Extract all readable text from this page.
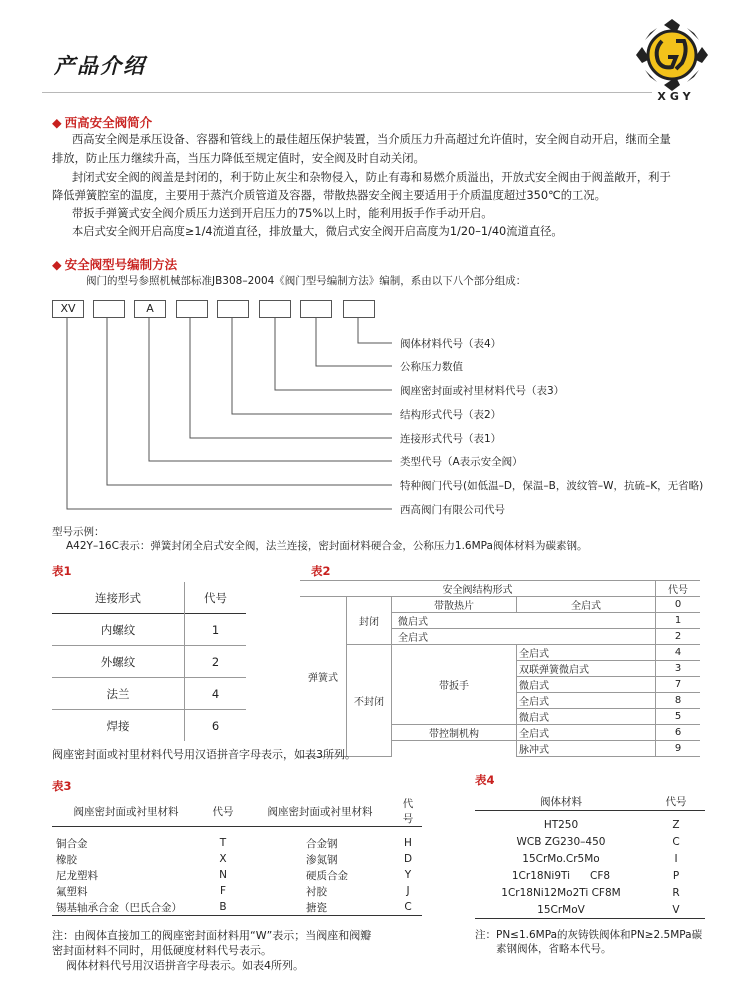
产品介绍
XGY
◆ 西高安全阀简介
西高安全阀是承压设备、容器和管线上的最佳超压保护装置，当介质压力升高超过允许值时，安全阀自动开启，继而全量
排放，防止压力继续升高，当压力降低至规定值时，安全阀及时自动关闭。
封闭式安全阀的阀盖是封闭的，利于防止灰尘和杂物侵入，防止有毒和易燃介质溢出，开放式安全阀由于阀盖敞开，利于
降低弹簧腔室的温度，主要用于蒸汽介质管道及容器，带散热器安全阀主要适用于介质温度超过350℃的工况。
带扳手弹簧式安全阀介质压力送到开启压力的75%以上时，能利用扳手作手动开启。
本启式安全阀开启高度≥1/4流道直径，排放量大，微启式安全阀开启高度为1/20–1/40流道直径。
◆ 安全阀型号编制方法
阀门的型号参照机械部标准JB308–2004《阀门型号编制方法》编制，系由以下八个部分组成：
XV	A
阀体材料代号（表4）
公称压力数值
阀座密封面或衬里材料代号（表3）
结构形式代号（表2）
连接形式代号（表1）
类型代号（A表示安全阀）
特种阀门代号(如低温–D，保温–B，波纹管–W，抗硫–K，无省略)
西高阀门有限公司代号
型号示例：
A42Y–16C表示：弹簧封闭全启式安全阀，法兰连接，密封面材料硬合金，公称压力1.6MPa阀体材料为碳素钢。
表1
连接形式	代号
内螺纹	1
外螺纹	2
法兰	4
焊接	6
表2
安全阀结构形式				代号
弹簧式	封闭	带散热片	全启式	0
		微启式		1
		全启式		2
	不封闭	带扳手	全启式	4
			双联弹簧微启式	3
			微启式	7
			全启式	8
			微启式	5
		带控制机构	全启式	6
			脉冲式	9
阀座密封面或衬里材料代号用汉语拼音字母表示，如表3所列。
表3
阀座密封面或衬里材料	代号	阀座密封面或衬里材料	代号
铜合金	T	合金钢	H
橡胶	X	渗氮钢	D
尼龙塑料	N	硬质合金	Y
氟塑料	F	衬胶	J
锡基轴承合金（巴氏合金）	B	搪瓷	C
注：由阀体直接加工的阀座密封面材料用“W”表示；当阀座和阀瓣
密封面材料不同时，用低硬度材料代号表示。
阀体材料代号用汉语拼音字母表示。如表4所列。
表4
阀体材料	代号
HT250	Z
WCB ZG230–450	C
15CrMo.Cr5Mo	I
1Cr18Ni9Ti      CF8	P
1Cr18Ni12Mo2Ti CF8M	R
15CrMoV	V
注：PN≤1.6MPa的灰铸铁阀体和PN≥2.5MPa碳
素钢阀体，省略本代号。
